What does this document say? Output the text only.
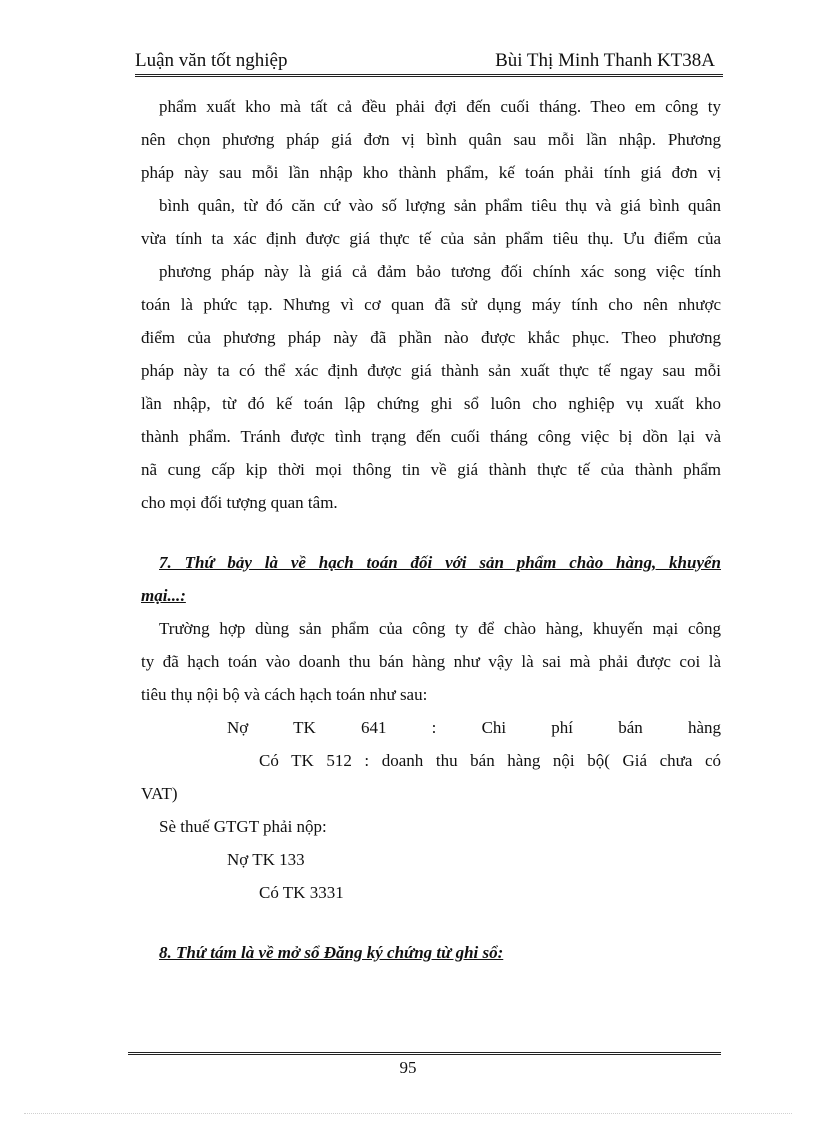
Luận văn tốt nghiệp	Bùi Thị Minh Thanh KT38A
phẩm xuất kho mà tất cả đều phải đợi đến cuối tháng. Theo em công ty
nên chọn phương pháp giá đơn vị bình quân sau mỗi lần nhập. Phương
pháp này sau mỗi lần nhập kho thành phẩm, kế toán phải tính giá đơn vị
bình quân, từ đó căn cứ vào số lượng sản phẩm tiêu thụ và giá bình quân
vừa tính ta xác định được giá thực tế của sản phẩm tiêu thụ. Ưu điểm của
phương pháp này là giá cả đảm bảo tương đối chính xác song việc tính
toán là phức tạp. Nhưng vì cơ quan đã sử dụng máy tính cho nên nhược
điểm của phương pháp này đã phần nào được khắc phục. Theo phương
pháp này ta có thể xác định được giá thành sản xuất thực tế ngay sau mỗi
lần nhập, từ đó kế toán lập chứng ghi sổ luôn cho nghiệp vụ xuất kho
thành phẩm. Tránh được tình trạng đến cuối tháng công việc bị dồn lại và
nã cung cấp kịp thời mọi thông tin về giá thành thực tế của thành phẩm
cho mọi đối tượng quan tâm.
7. Thứ bảy là về hạch toán đối với sản phẩm chào hàng, khuyến
mại...:
Trường hợp dùng sản phẩm của công ty để chào hàng, khuyến mại công
ty đã hạch toán vào doanh thu bán hàng như vậy là sai mà phải được coi là
tiêu thụ nội bộ và cách hạch toán như sau:
Nợ TK 641 : Chi phí bán hàng
Có TK 512 : doanh thu bán hàng nội bộ( Giá chưa có
VAT)
Sè thuế GTGT phải nộp:
Nợ TK 133
Có TK 3331
8. Thứ tám là về mở sổ Đăng ký chứng từ ghi sổ:
95
